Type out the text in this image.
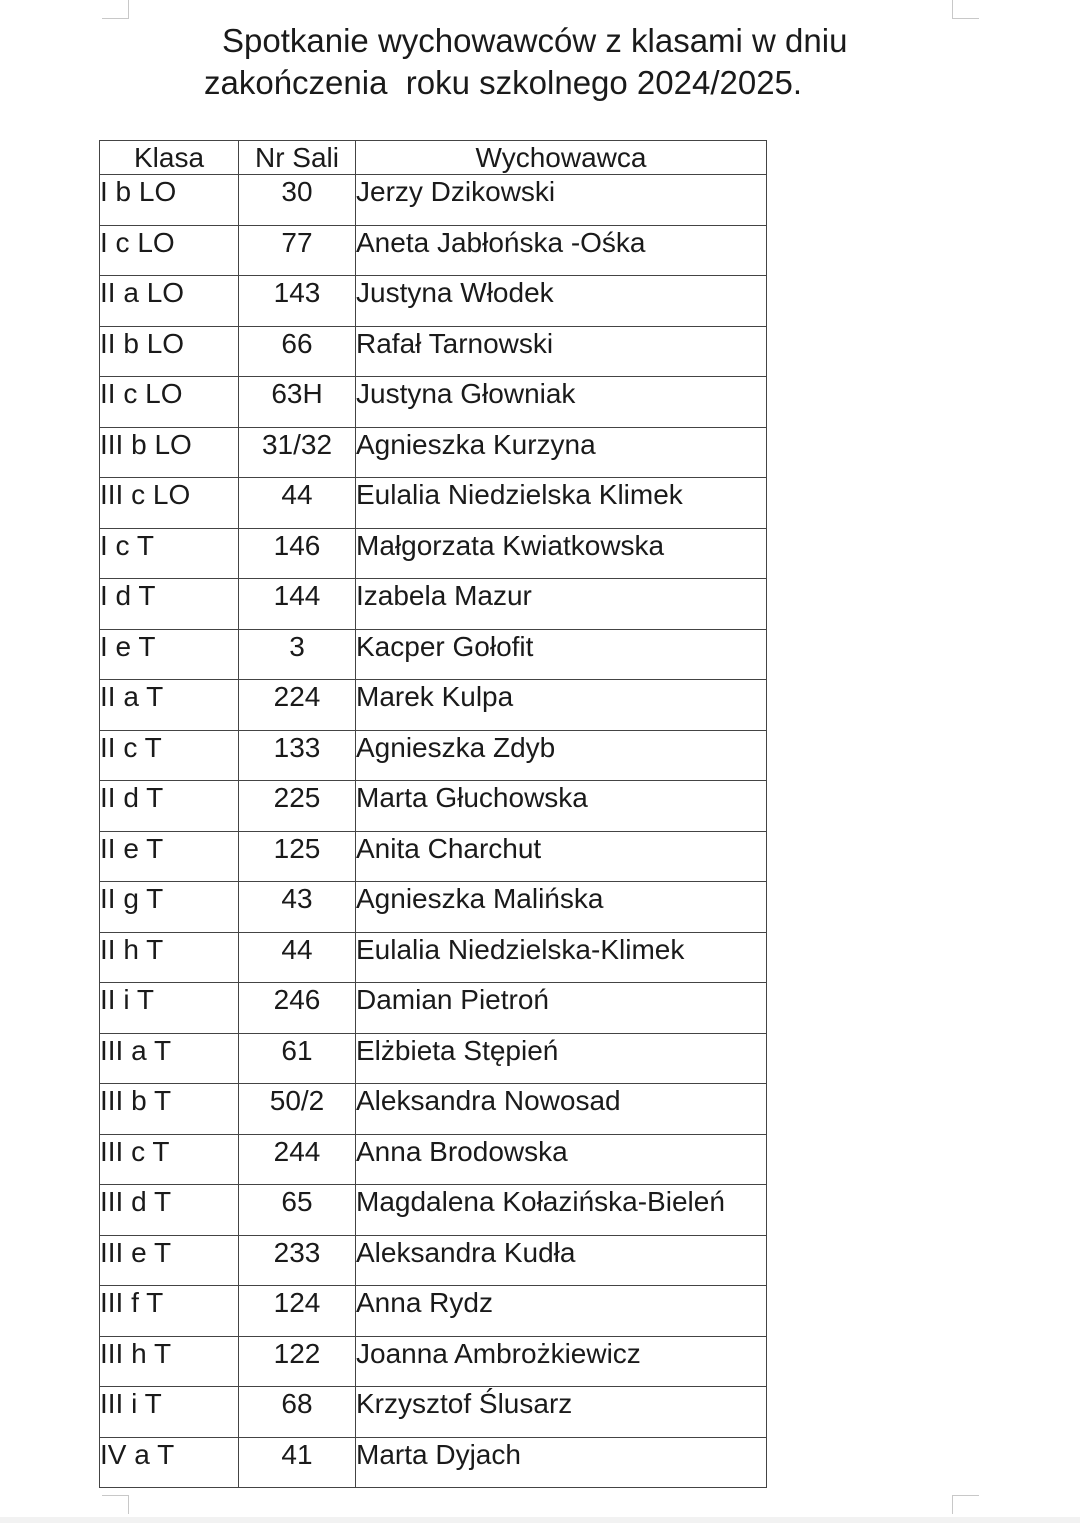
Spotkanie wychowawców z klasami w dniu
zakończenia  roku szkolnego 2024/2025.
Klasa	Nr Sali	Wychowawca
I b LO	30	Jerzy Dzikowski
I c LO	77	Aneta Jabłońska -Ośka
II a LO	143	Justyna Włodek
II b LO	66	Rafał Tarnowski
II c LO	63H	Justyna Głowniak
III b LO	31/32	Agnieszka Kurzyna
III c LO	44	Eulalia Niedzielska Klimek
I c T	146	Małgorzata Kwiatkowska
I d T	144	Izabela Mazur
I e T	3	Kacper Gołofit
II a T	224	Marek Kulpa
II c T	133	Agnieszka Zdyb
II d T	225	Marta Głuchowska
II e T	125	Anita Charchut
II g T	43	Agnieszka Malińska
II h T	44	Eulalia Niedzielska-Klimek
II i T	246	Damian Pietroń
III a T	61	Elżbieta Stępień
III b T	50/2	Aleksandra Nowosad
III c T	244	Anna Brodowska
III d T	65	Magdalena Kołazińska-Bieleń
III e T	233	Aleksandra Kudła
III f T	124	Anna Rydz
III h T	122	Joanna Ambrożkiewicz
III i T	68	Krzysztof Ślusarz
IV a T	41	Marta Dyjach
